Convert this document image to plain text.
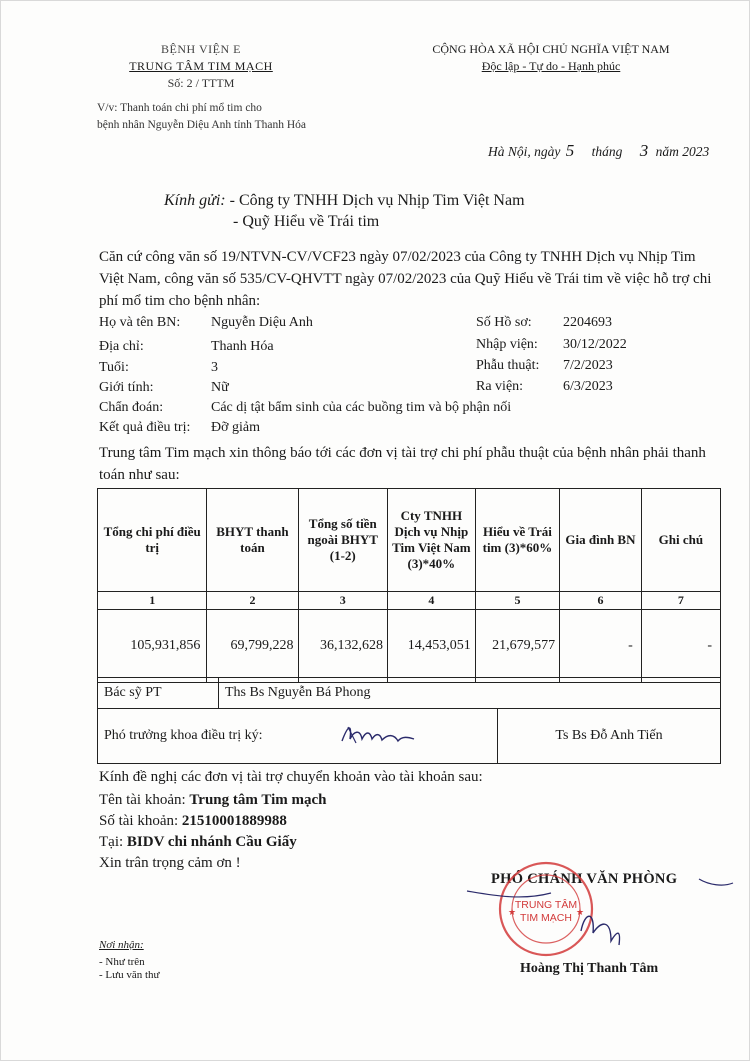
BỆNH VIỆN E
TRUNG TÂM TIM MẠCH
Số: 2 / TTTM
V/v: Thanh toán chi phí mổ tim cho
bệnh nhân Nguyễn Diệu Anh tỉnh Thanh Hóa
CỘNG HÒA XÃ HỘI CHỦ NGHĨA VIỆT NAM
Độc lập - Tự do - Hạnh phúc
Hà Nội, ngày 5 tháng 3 năm 2023
Kính gửi: - Công ty TNHH Dịch vụ Nhịp Tim Việt Nam
- Quỹ Hiểu về Trái tim
Căn cứ công văn số 19/NTVN-CV/VCF23 ngày 07/02/2023 của Công ty TNHH Dịch vụ Nhịp Tim Việt Nam, công văn số 535/CV-QHVTT ngày 07/02/2023 của Quỹ Hiểu về Trái tim về việc hỗ trợ chi phí mổ tim cho bệnh nhân:
Họ và tên BN: Nguyễn Diệu Anh
Địa chỉ:	Thanh Hóa
Tuổi:	3
Giới tính:	Nữ
Chẩn đoán:	Các dị tật bẩm sinh của các buồng tim và bộ phận nối
Kết quả điều trị: Đỡ giảm
Số Hồ sơ: 2204693
Nhập viện: 30/12/2022
Phẫu thuật: 7/2/2023
Ra viện:	6/3/2023
Trung tâm Tim mạch xin thông báo tới các đơn vị tài trợ chi phí phẫu thuật của bệnh nhân phải thanh toán như sau:
Tổng chi phí điều trị	BHYT thanh toán	Tổng số tiền ngoài BHYT (1-2)	Cty TNHH Dịch vụ Nhịp Tim Việt Nam (3)*40%	Hiểu về Trái tim (3)*60%	Gia đình BN	Ghi chú
1	2	3	4	5	6	7
105,931,856	69,799,228	36,132,628	14,453,051	21,679,577	-	-
Bác sỹ PT	Ths Bs Nguyễn Bá Phong	
Phó trưởng khoa điều trị ký:		Ts Bs Đỗ Anh Tiến
Kính đề nghị các đơn vị tài trợ chuyển khoản vào tài khoản sau:
Tên tài khoản: Trung tâm Tim mạch
Số tài khoản: 21510001889988
Tại: BIDV chi nhánh Cầu Giấy
Xin trân trọng cảm ơn !
Nơi nhận:
- Như trên
- Lưu văn thư
PHÓ CHÁNH VĂN PHÒNG
TRUNG TÂM
TIM MẠCH
★	★
Hoàng Thị Thanh Tâm
